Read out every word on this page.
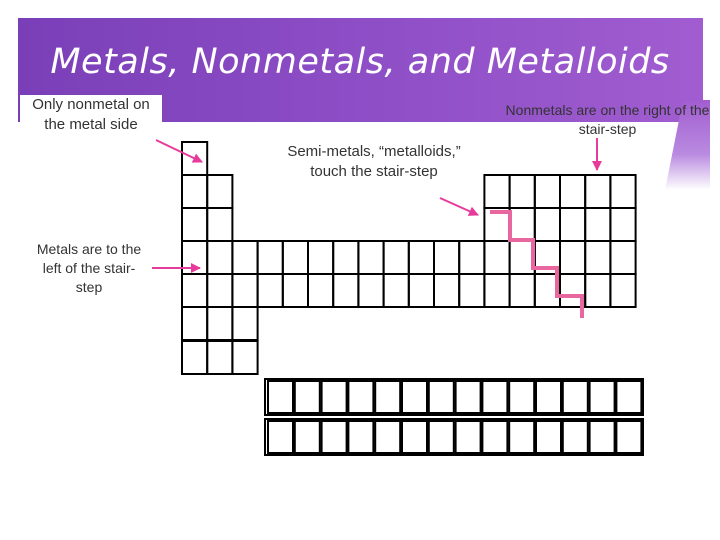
Metals, Nonmetals, and Metalloids
Only nonmetal on the metal side
Metals are to the left of the stair- step
Semi-metals, “metalloids,” touch the stair-step
Nonmetals are on the right of the stair-step
